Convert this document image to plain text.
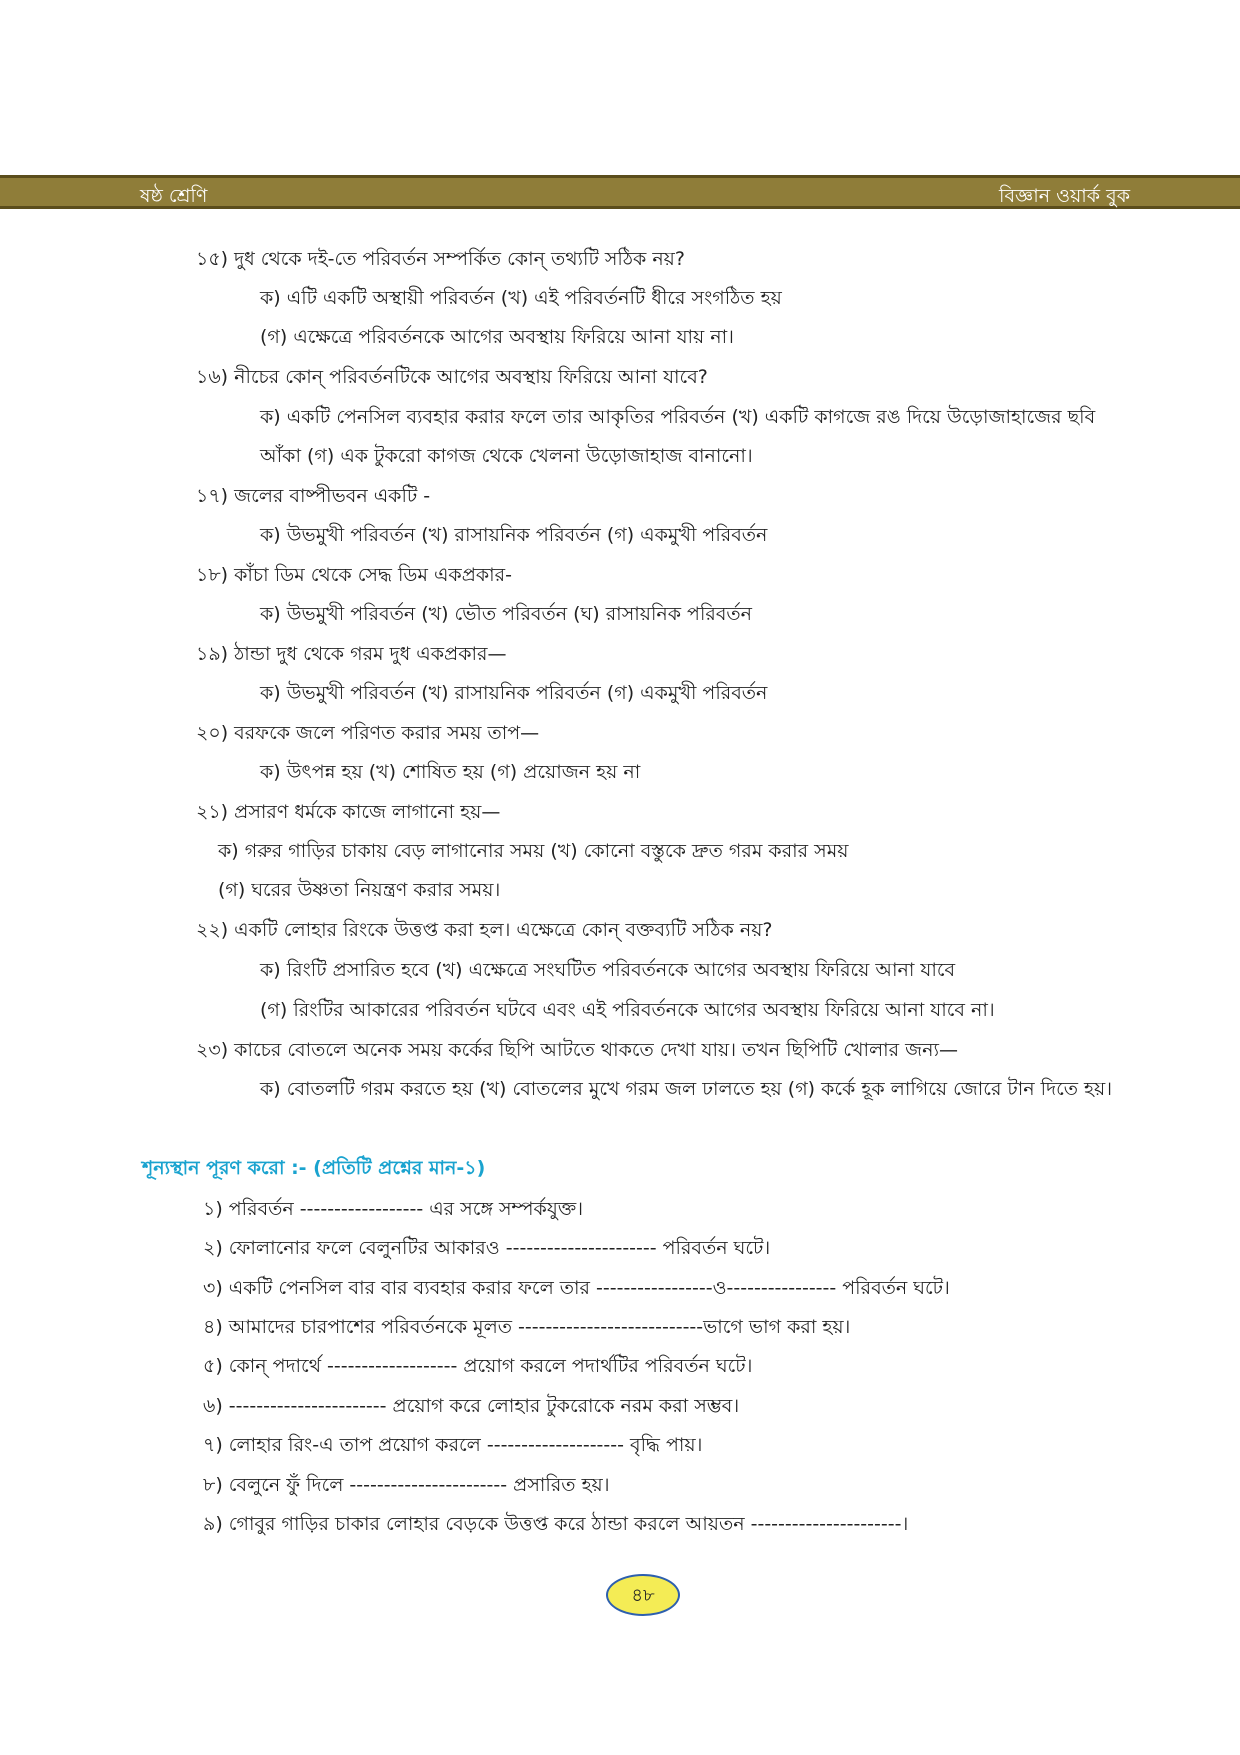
ষষ্ঠ শ্রেণি	বিজ্ঞান ওয়ার্ক বুক
১৫) দুধ থেকে দই-তে পরিবর্তন সম্পর্কিত কোন্ তথ্যটি সঠিক নয়?
ক) এটি একটি অস্থায়ী পরিবর্তন (খ) এই পরিবর্তনটি ধীরে সংগঠিত হয়
(গ) এক্ষেত্রে পরিবর্তনকে আগের অবস্থায় ফিরিয়ে আনা যায় না।
১৬) নীচের কোন্ পরিবর্তনটিকে আগের অবস্থায় ফিরিয়ে আনা যাবে?
ক) একটি পেনসিল ব্যবহার করার ফলে তার আকৃতির পরিবর্তন (খ) একটি কাগজে রঙ দিয়ে উড়োজাহাজের ছবি
আঁকা (গ) এক টুকরো কাগজ থেকে খেলনা উড়োজাহাজ বানানো।
১৭) জলের বাষ্পীভবন একটি -
ক) উভমুখী পরিবর্তন (খ) রাসায়নিক পরিবর্তন (গ) একমুখী পরিবর্তন
১৮) কাঁচা ডিম থেকে সেদ্ধ ডিম একপ্রকার-
ক) উভমুখী পরিবর্তন (খ) ভৌত পরিবর্তন (ঘ) রাসায়নিক পরিবর্তন
১৯) ঠান্ডা দুধ থেকে গরম দুধ একপ্রকার—
ক) উভমুখী পরিবর্তন (খ) রাসায়নিক পরিবর্তন (গ) একমুখী পরিবর্তন
২০) বরফকে জলে পরিণত করার সময় তাপ—
ক) উৎপন্ন হয় (খ) শোষিত হয় (গ) প্রয়োজন হয় না
২১) প্রসারণ ধর্মকে কাজে লাগানো হয়—
ক) গরুর গাড়ির চাকায় বেড় লাগানোর সময় (খ) কোনো বস্তুকে দ্রুত গরম করার সময়
(গ) ঘরের উষ্ণতা নিয়ন্ত্রণ করার সময়।
২২) একটি লোহার রিংকে উত্তপ্ত করা হল। এক্ষেত্রে কোন্ বক্তব্যটি সঠিক নয়?
ক) রিংটি প্রসারিত হবে (খ) এক্ষেত্রে সংঘটিত পরিবর্তনকে আগের অবস্থায় ফিরিয়ে আনা যাবে
(গ) রিংটির আকারের পরিবর্তন ঘটবে এবং এই পরিবর্তনকে আগের অবস্থায় ফিরিয়ে আনা যাবে না।
২৩) কাচের বোতলে অনেক সময় কর্কের ছিপি আটতে থাকতে দেখা যায়। তখন ছিপিটি খোলার জন্য—
ক) বোতলটি গরম করতে হয় (খ) বোতলের মুখে গরম জল ঢালতে হয় (গ) কর্কে হূক লাগিয়ে জোরে টান দিতে হয়।
শূন্যস্থান পূরণ করো :- (প্রতিটি প্রশ্নের মান-১)
১) পরিবর্তন ------------------ এর সঙ্গে সম্পর্কযুক্ত।
২) ফোলানোর ফলে বেলুনটির আকারও ---------------------- পরিবর্তন ঘটে।
৩) একটি পেনসিল বার বার ব্যবহার করার ফলে তার -----------------ও---------------- পরিবর্তন ঘটে।
৪) আমাদের চারপাশের পরিবর্তনকে মূলত ---------------------------ভাগে ভাগ করা হয়।
৫) কোন্ পদার্থে ------------------- প্রয়োগ করলে পদার্থটির পরিবর্তন ঘটে।
৬) ----------------------- প্রয়োগ করে লোহার টুকরোকে নরম করা সম্ভব।
৭) লোহার রিং-এ তাপ প্রয়োগ করলে -------------------- বৃদ্ধি পায়।
৮) বেলুনে ফুঁ দিলে ----------------------- প্রসারিত হয়।
৯) গোবুর গাড়ির চাকার লোহার বেড়কে উত্তপ্ত করে ঠান্ডা করলে আয়তন ----------------------।
৪৮
